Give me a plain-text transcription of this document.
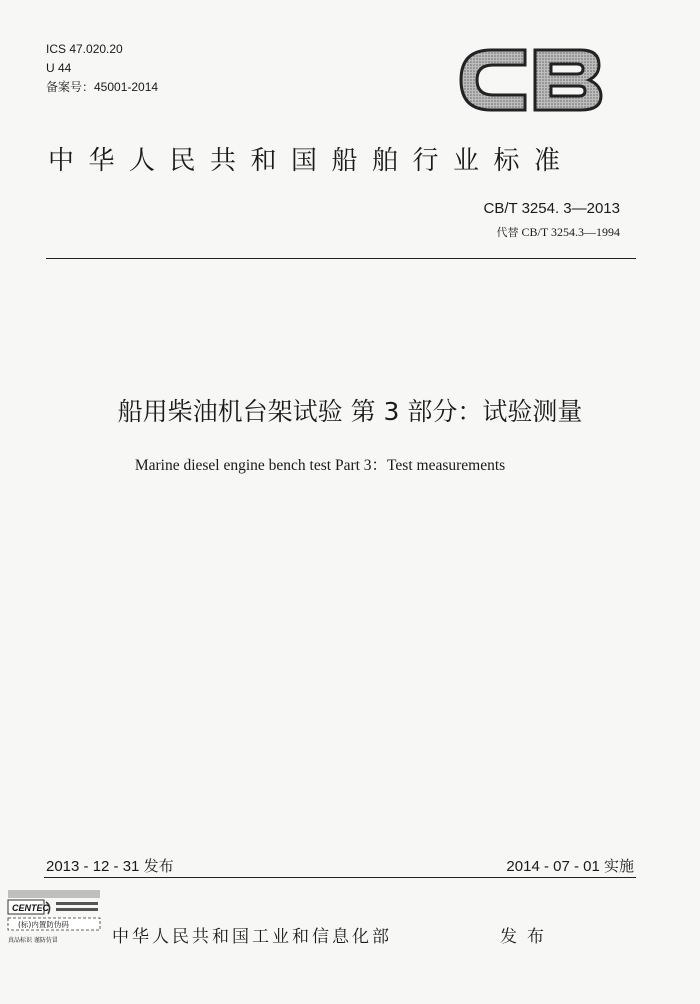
ICS 47.020.20
U 44
备案号：45001-2014
中华人民共和国船舶行业标准
CB/T 3254. 3—2013
代替 CB/T 3254.3—1994
船用柴油机台架试验 第 3 部分：试验测量
Marine diesel engine bench test Part 3：Test measurements
2013 - 12 - 31 发布	2014 - 07 - 01 实施
CENTEC
(标)内置防伪码
真品标识 谨防仿冒	中华人民共和国工业和信息化部	发布
